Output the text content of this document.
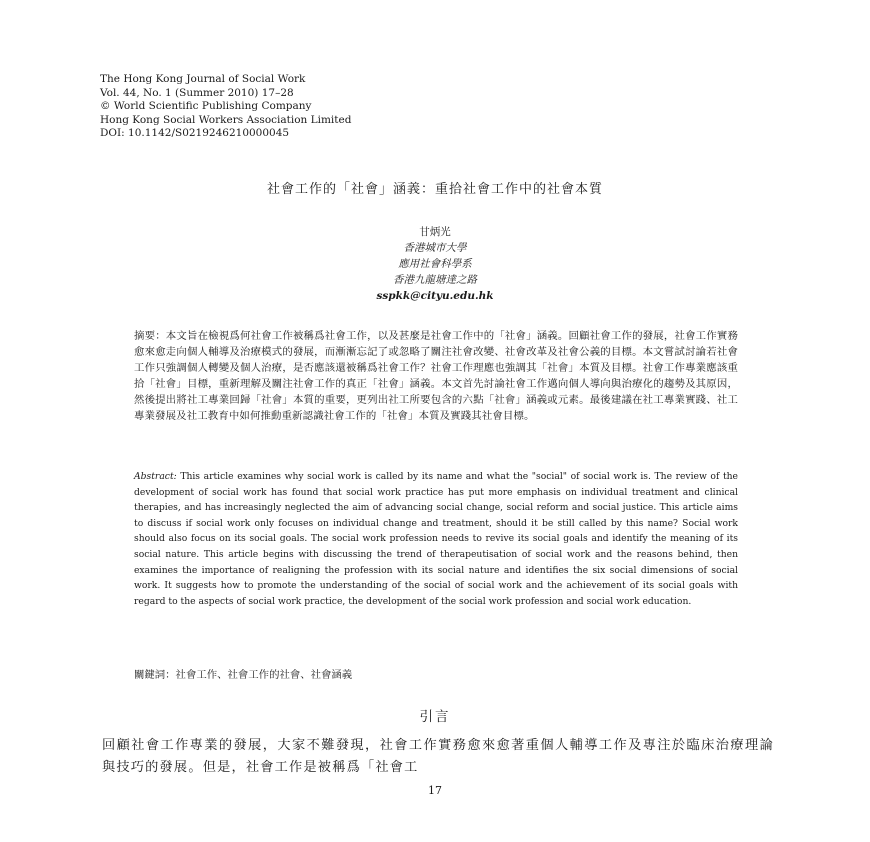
The Hong Kong Journal of Social Work
Vol. 44, No. 1 (Summer 2010) 17–28
© World Scientific Publishing Company
Hong Kong Social Workers Association Limited
DOI: 10.1142/S0219246210000045
社會工作的「社會」涵義：重拾社會工作中的社會本質
甘炳光
香港城市大學
應用社會科學系
香港九龍塘達之路
sspkk@cityu.edu.hk
摘要：本文旨在檢視爲何社會工作被稱爲社會工作，以及甚麼是社會工作中的「社會」涵義。回顧社會工作的發展，社會工作實務愈來愈走向個人輔導及治療模式的發展，而漸漸忘記了或忽略了關注社會改變、社會改革及社會公義的目標。本文嘗試討論若社會工作只強調個人轉變及個人治療，是否應該還被稱爲社會工作？社會工作理應也強調其「社會」本質及目標。社會工作專業應該重拾「社會」目標，重新理解及關注社會工作的真正「社會」涵義。本文首先討論社會工作邁向個人導向與治療化的趨勢及其原因，然後提出將社工專業回歸「社會」本質的重要，更列出社工所要包含的六點「社會」涵義或元素。最後建議在社工專業實踐、社工專業發展及社工教育中如何推動重新認識社會工作的「社會」本質及實踐其社會目標。
Abstract: This article examines why social work is called by its name and what the "social" of social work is. The review of the development of social work has found that social work practice has put more emphasis on individual treatment and clinical therapies, and has increasingly neglected the aim of advancing social change, social reform and social justice. This article aims to discuss if social work only focuses on individual change and treatment, should it be still called by this name? Social work should also focus on its social goals. The social work profession needs to revive its social goals and identify the meaning of its social nature. This article begins with discussing the trend of therapeutisation of social work and the reasons behind, then examines the importance of realigning the profession with its social nature and identifies the six social dimensions of social work. It suggests how to promote the understanding of the social of social work and the achievement of its social goals with regard to the aspects of social work practice, the development of the social work profession and social work education.
關鍵詞：社會工作、社會工作的社會、社會涵義
引言
回顧社會工作專業的發展，大家不難發現，社會工作實務愈來愈著重個人輔導工作及專注於臨床治療理論與技巧的發展。但是，社會工作是被稱爲「社會工
17
